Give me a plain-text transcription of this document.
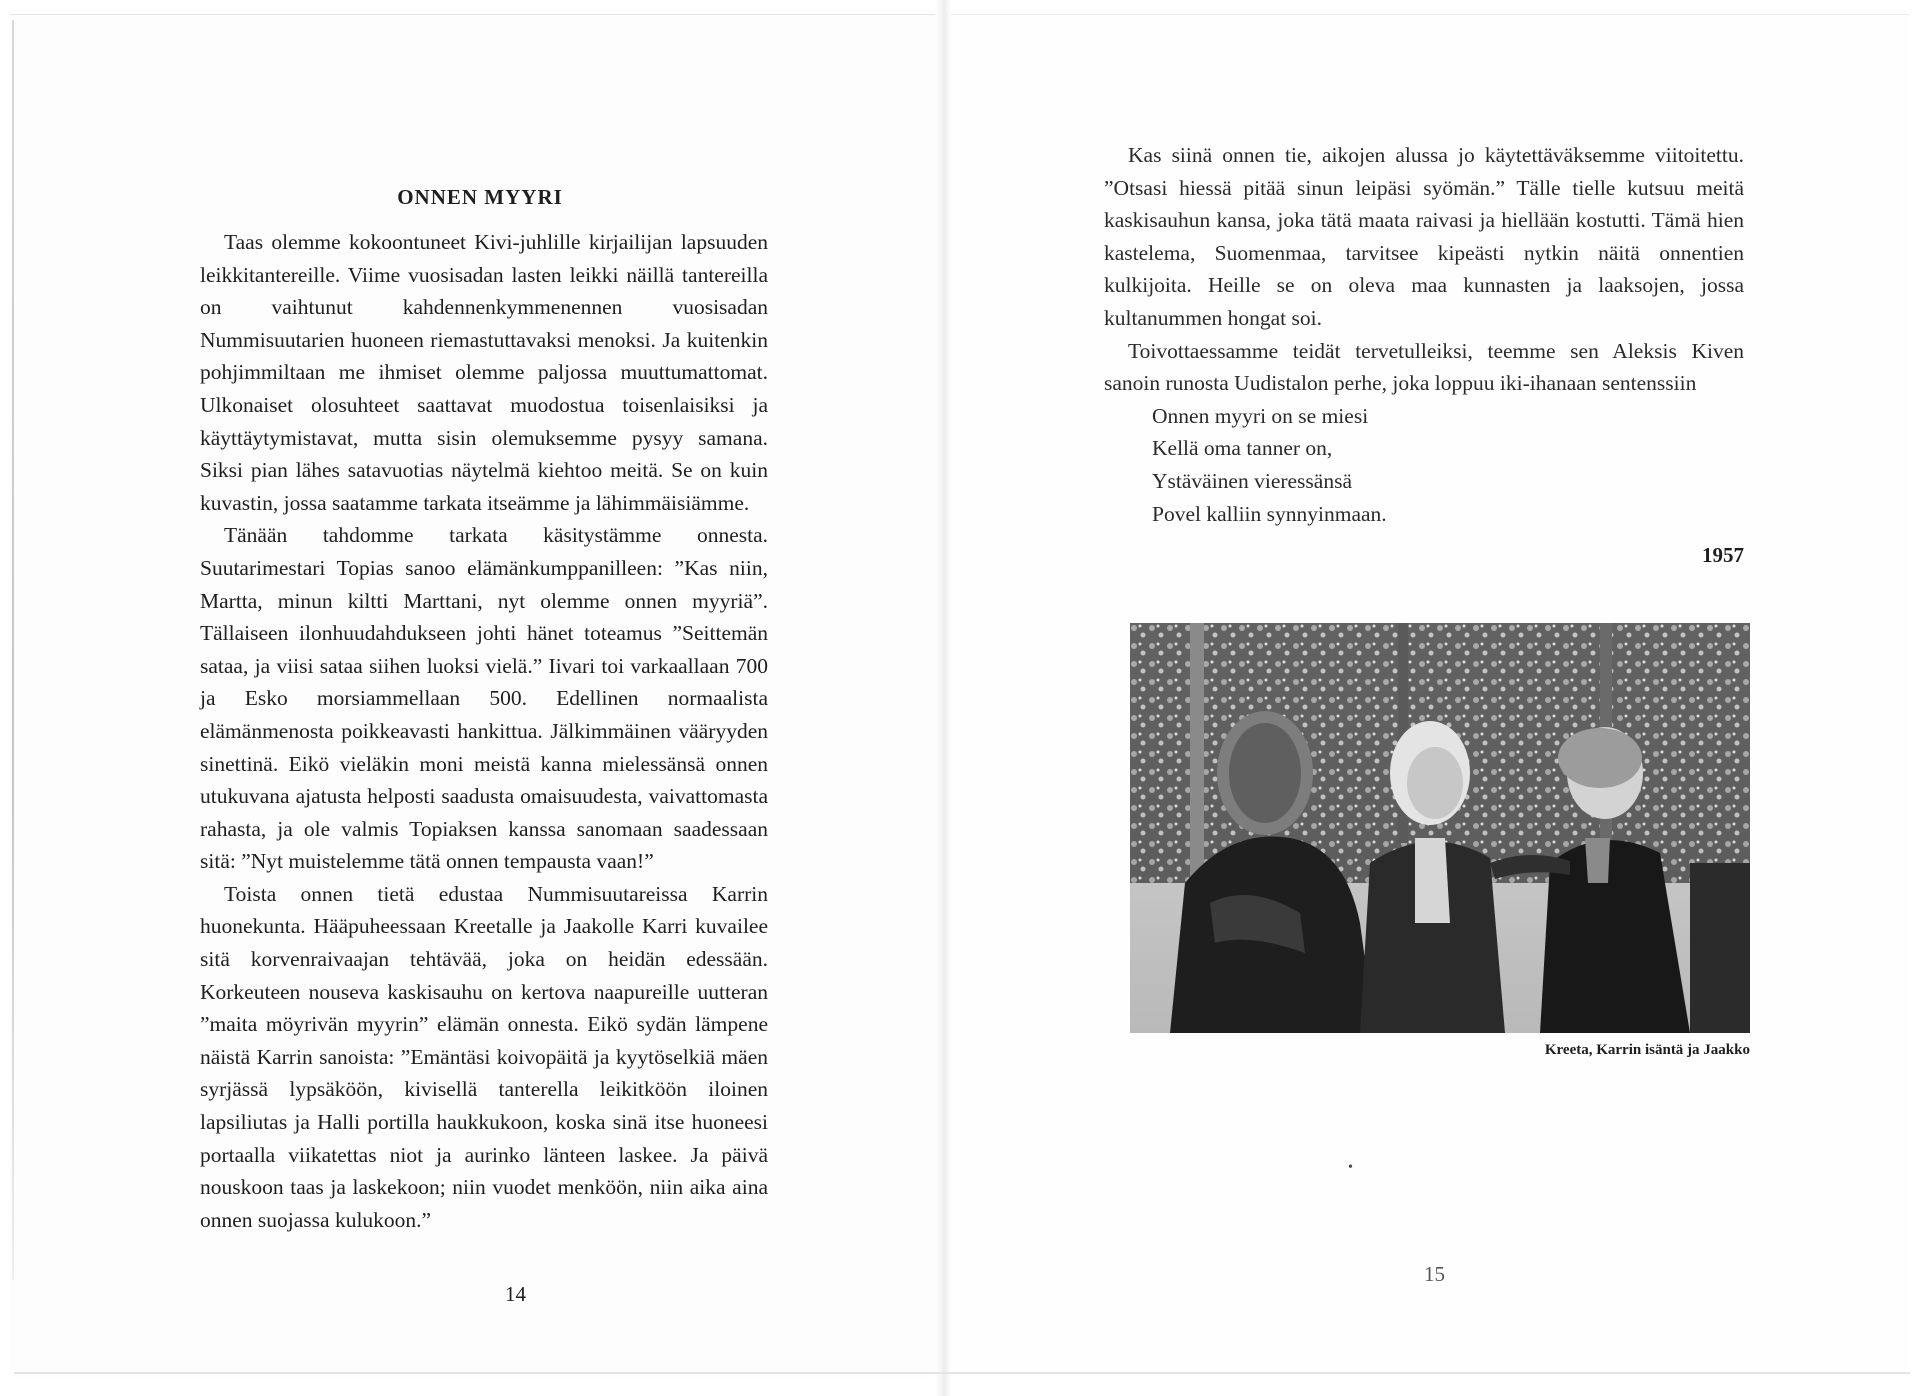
ONNEN MYYRI

Taas olemme kokoontuneet Kivi-juhlille kirjailijan lapsuuden leikkitantereille. Viime vuosisadan lasten leikki näillä tantereilla on vaihtunut kahdennenkymmenennen vuosisadan Nummisuutarien huoneen riemastuttavaksi menoksi. Ja kuitenkin pohjimmiltaan me ihmiset olemme paljossa muuttumattomat. Ulkonaiset olosuhteet saattavat muodostua toisenlaisiksi ja käyttäytymistavat, mutta sisin olemuksemme pysyy samana. Siksi pian lähes satavuotias näytelmä kiehtoo meitä. Se on kuin kuvastin, jossa saatamme tarkata itseämme ja lähimmäisiämme.

Tänään tahdomme tarkata käsitystämme onnesta. Suutarimestari Topias sanoo elämänkumppanilleen: ”Kas niin, Martta, minun kiltti Marttani, nyt olemme onnen myyriä”. Tällaiseen ilonhuudahdukseen johti hänet toteamus ”Seittemän sataa, ja viisi sataa siihen luoksi vielä.” Iivari toi varkaallaan 700 ja Esko morsiammellaan 500. Edellinen normaalista elämänmenosta poikkeavasti hankittua. Jälkimmäinen vääryyden sinettinä. Eikö vieläkin moni meistä kanna mielessänsä onnen utukuvana ajatusta helposti saadusta omaisuudesta, vaivattomasta rahasta, ja ole valmis Topiaksen kanssa sanomaan saadessaan sitä: ”Nyt muistelemme tätä onnen tempausta vaan!”

Toista onnen tietä edustaa Nummisuutareissa Karrin huonekunta. Hääpuheessaan Kreetalle ja Jaakolle Karri kuvailee sitä korvenraivaajan tehtävää, joka on heidän edessään. Korkeuteen nouseva kaskisauhu on kertova naapureille uutteran ”maita möyrivän myyrin” elämän onnesta. Eikö sydän lämpene näistä Karrin sanoista: ”Emäntäsi koivopäitä ja kyytöselkiä mäen syrjässä lypsäköön, kivisellä tanterella leikitköön iloinen lapsiliutas ja Halli portilla haukkukoon, koska sinä itse huoneesi portaalla viikatettas niot ja aurinko länteen laskee. Ja päivä nouskoon taas ja laskekoon; niin vuodet menköön, niin aika aina onnen suojassa kulukoon.”

14

Kas siinä onnen tie, aikojen alussa jo käytettäväksemme viitoitettu. ”Otsasi hiessä pitää sinun leipäsi syömän.” Tälle tielle kutsuu meitä kaskisauhun kansa, joka tätä maata raivasi ja hiellään kostutti. Tämä hien kastelema, Suomenmaa, tarvitsee kipeästi nytkin näitä onnentien kulkijoita. Heille se on oleva maa kunnasten ja laaksojen, jossa kultanummen hongat soi.

Toivottaessamme teidät tervetulleiksi, teemme sen Aleksis Kiven sanoin runosta Uudistalon perhe, joka loppuu iki-ihanaan sentenssiin

Onnen myyri on se miesi
Kellä oma tanner on,
Ystäväinen vieressänsä
Povel kalliin synnyinmaan.
1957
Kreeta, Karrin isäntä ja Jaakko
•
15
